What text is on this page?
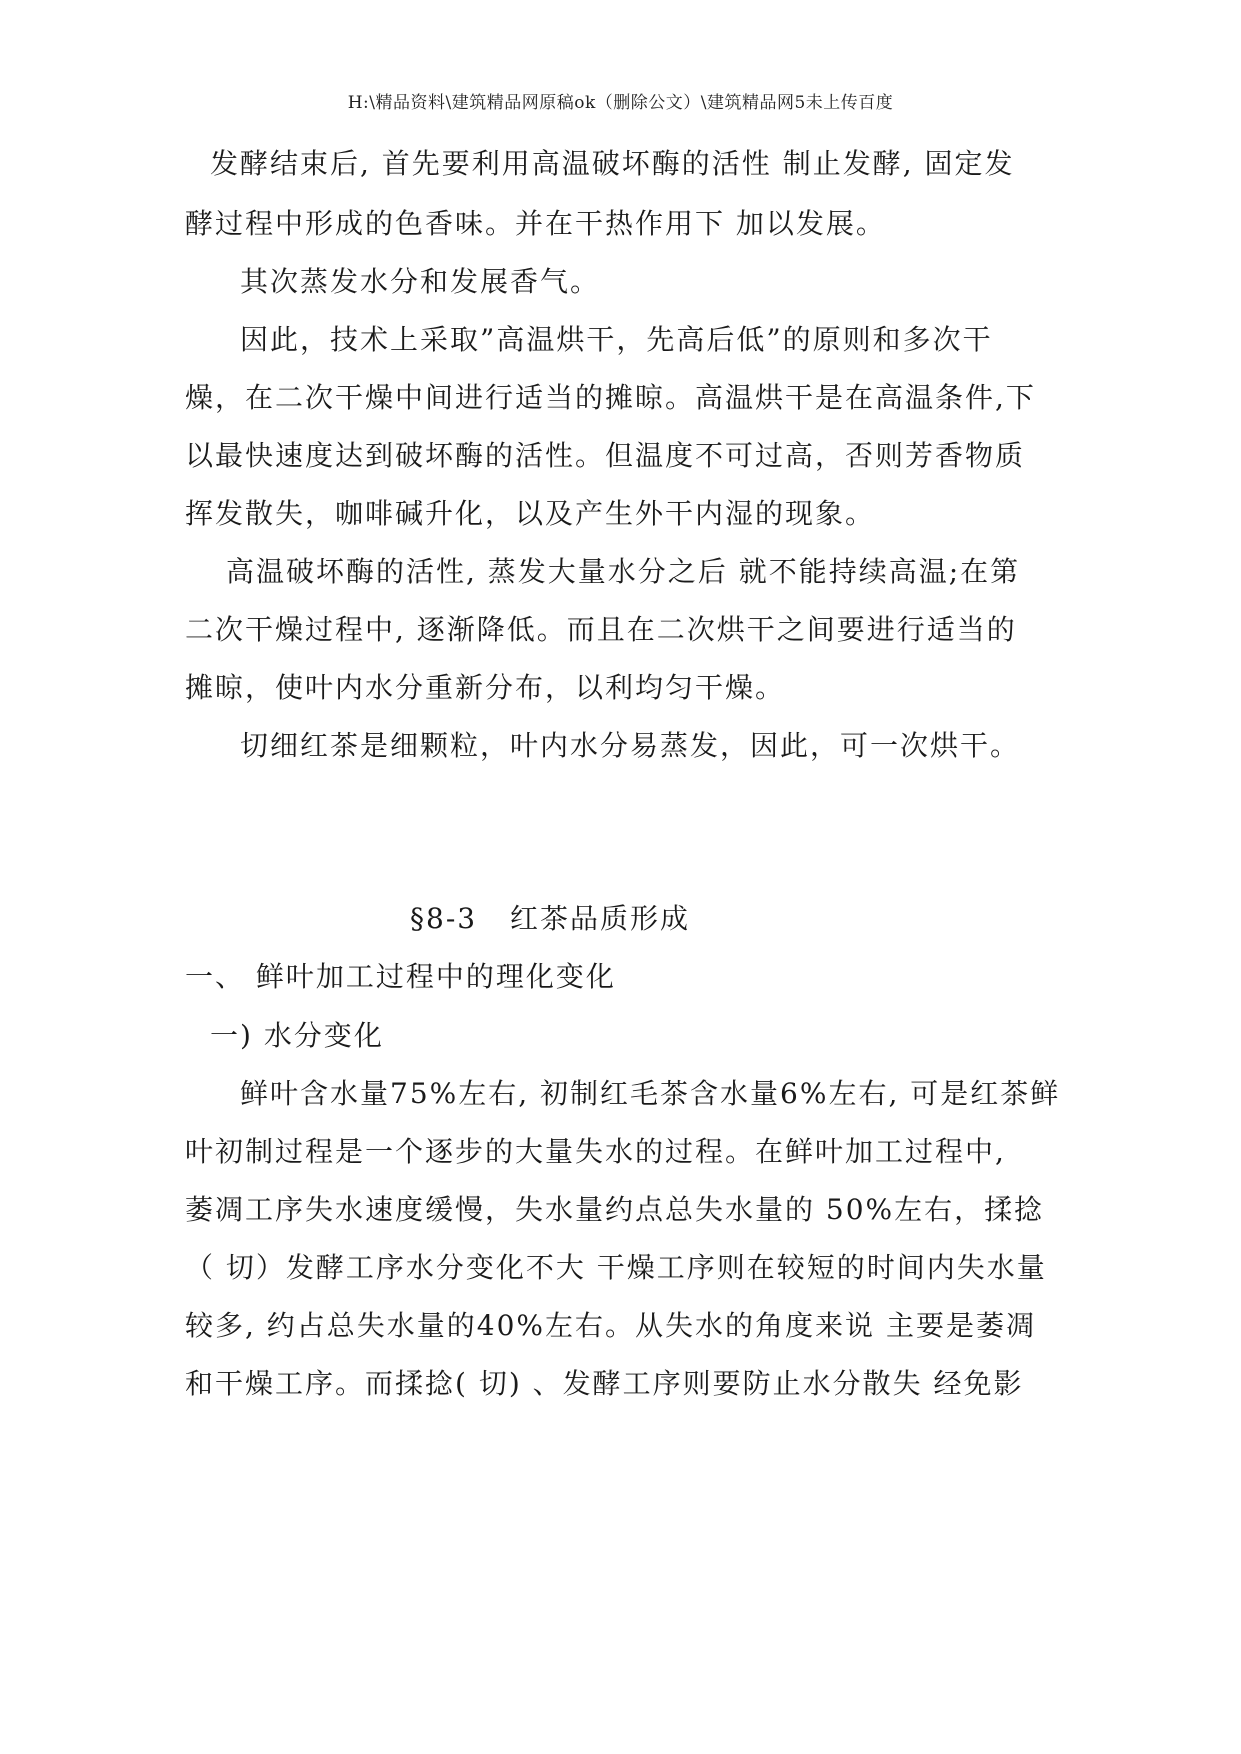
H:\精品资料\建筑精品网原稿ok（删除公文）\建筑精品网5未上传百度
发酵结束后, 首先要利用高温破坏酶的活性 制止发酵, 固定发
酵过程中形成的色香味。并在干热作用下 加以发展。
其次蒸发水分和发展香气。
因此，技术上采取”高温烘干，先高后低”的原则和多次干
燥，在二次干燥中间进行适当的摊晾。高温烘干是在高温条件,下
以最快速度达到破坏酶的活性。但温度不可过高，否则芳香物质
挥发散失，咖啡碱升化，以及产生外干内湿的现象。
高温破坏酶的活性, 蒸发大量水分之后 就不能持续高温;在第
二次干燥过程中, 逐渐降低。而且在二次烘干之间要进行适当的
摊晾，使叶内水分重新分布，以利均匀干燥。
切细红茶是细颗粒，叶内水分易蒸发，因此，可一次烘干。
§8-3 红茶品质形成
一、 鲜叶加工过程中的理化变化
一) 水分变化
鲜叶含水量75%左右, 初制红毛茶含水量6%左右, 可是红茶鲜
叶初制过程是一个逐步的大量失水的过程。在鲜叶加工过程中,
萎凋工序失水速度缓慢，失水量约点总失水量的 50%左右，揉捻
（ 切）发酵工序水分变化不大 干燥工序则在较短的时间内失水量
较多, 约占总失水量的40%左右。从失水的角度来说 主要是萎凋
和干燥工序。而揉捻( 切) 、发酵工序则要防止水分散失 经免影
